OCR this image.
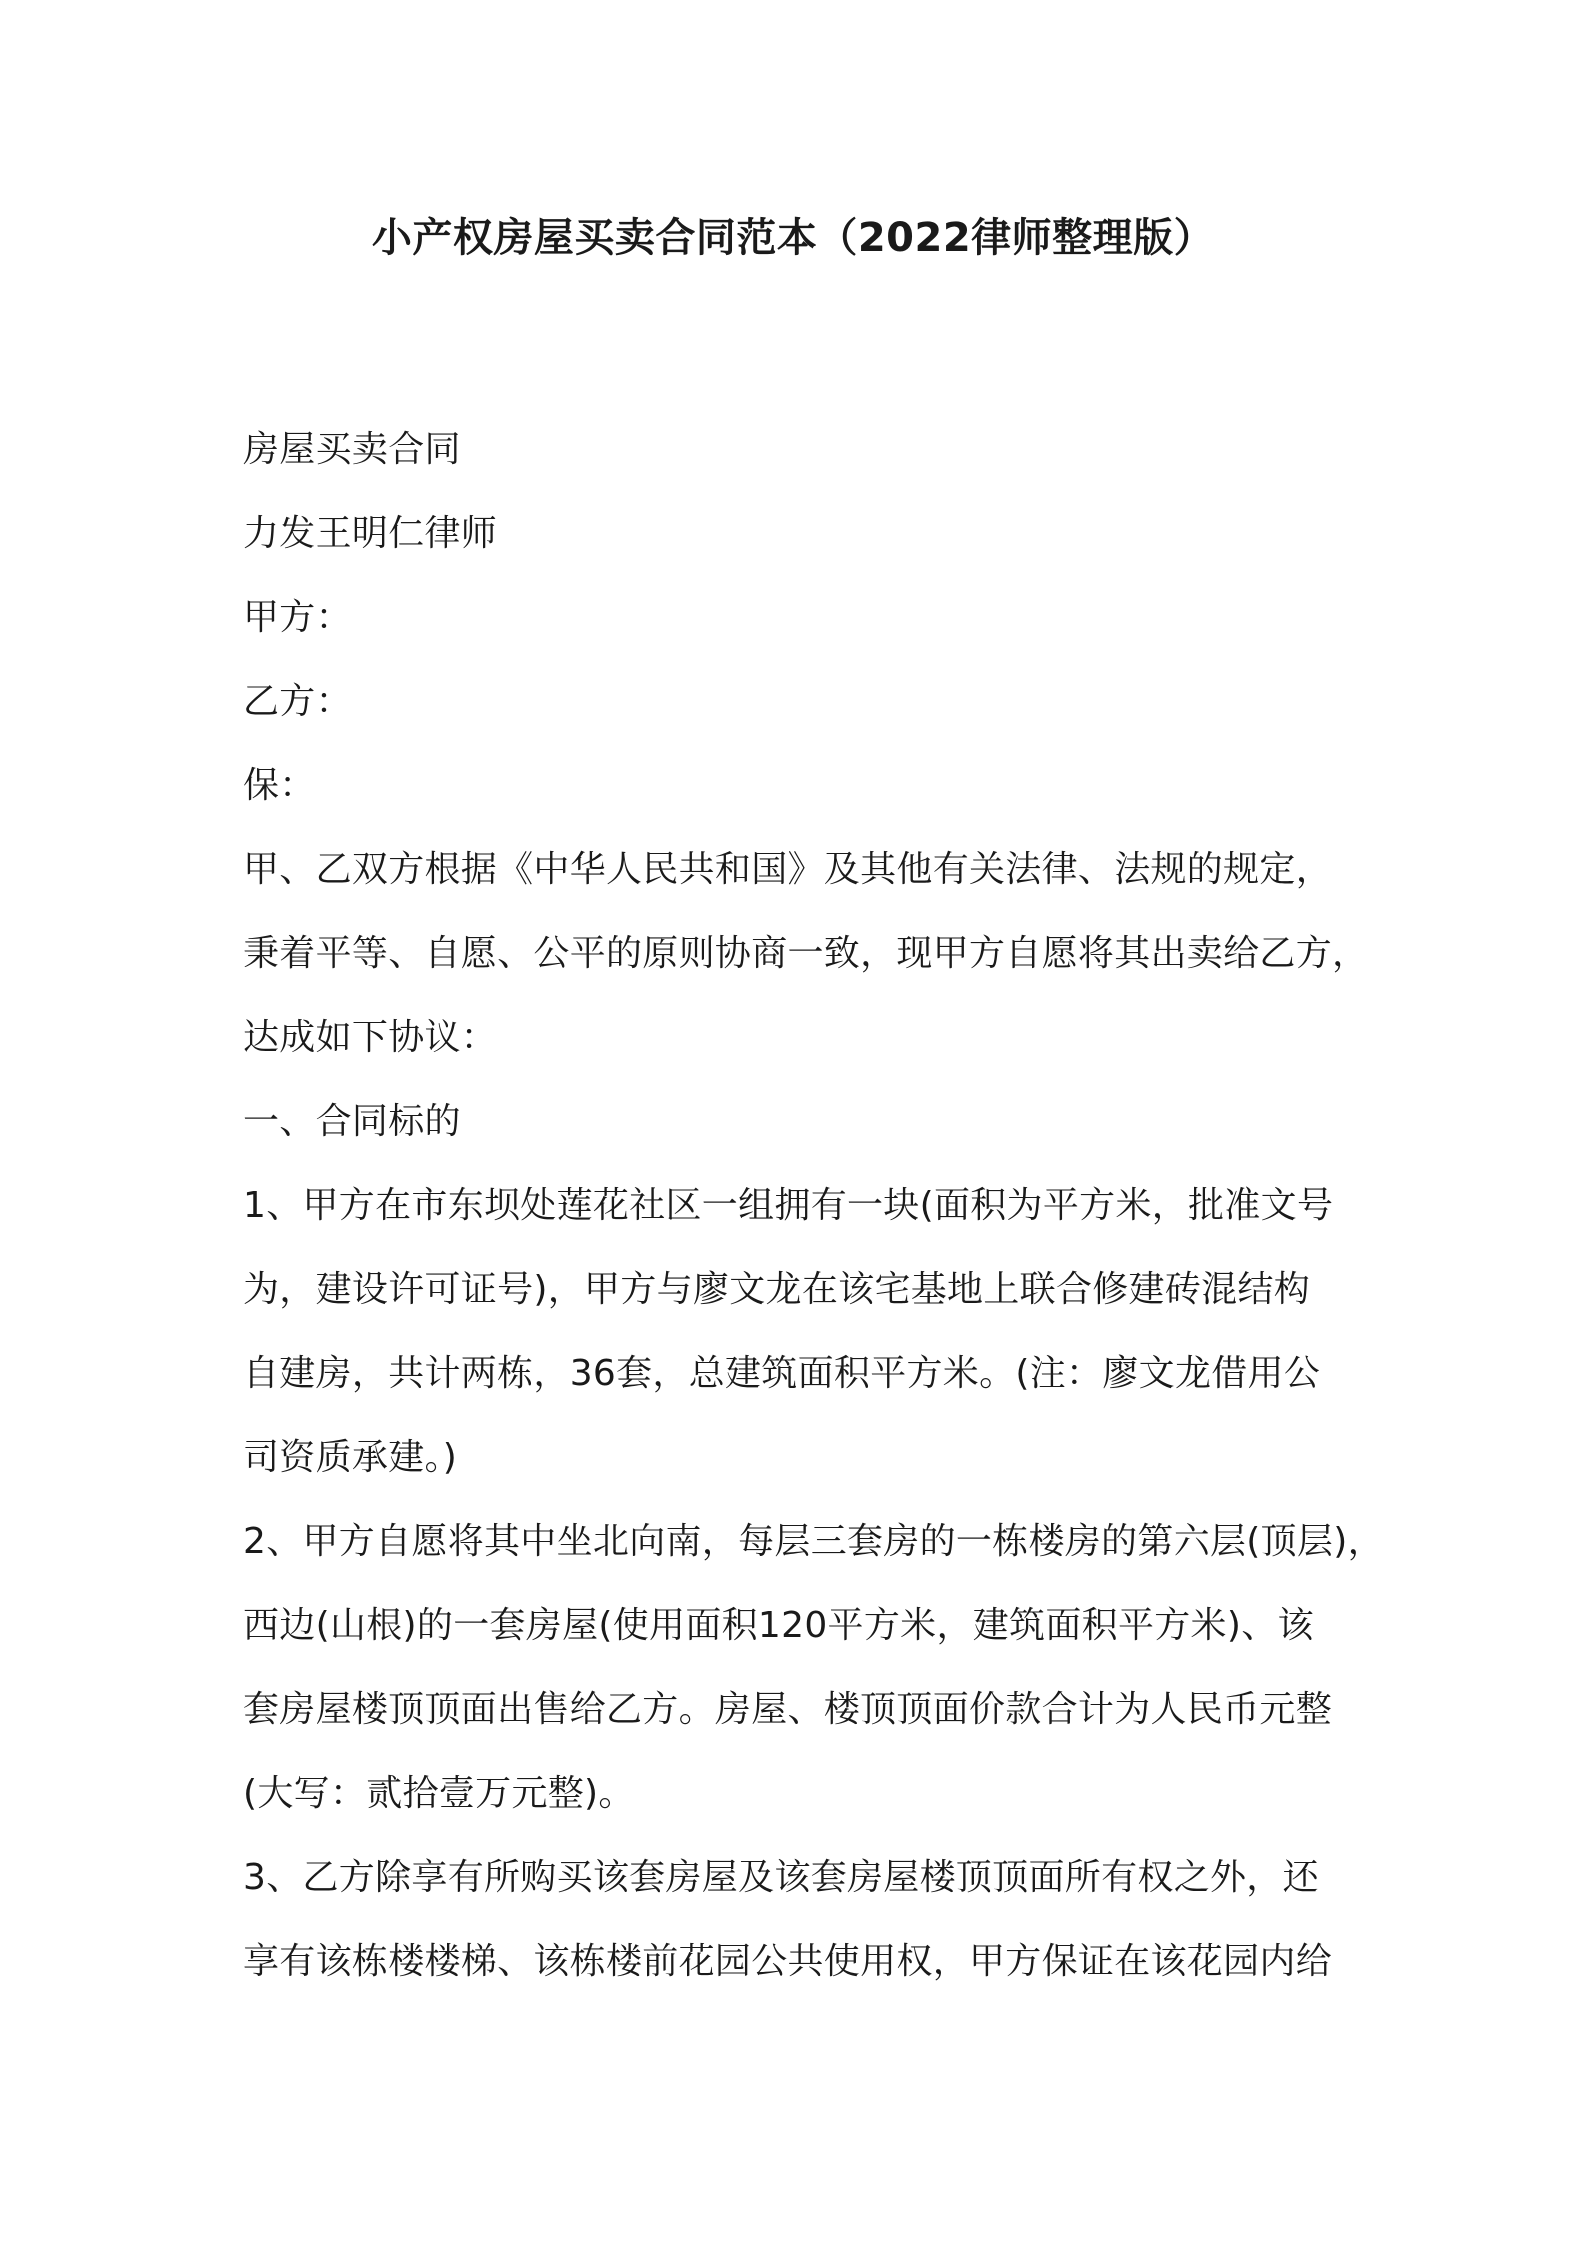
小产权房屋买卖合同范本（2022律师整理版）
房屋买卖合同
力发王明仁律师
甲方：
乙方：
保：
甲、乙双方根据《中华人民共和国》及其他有关法律、法规的规定，
秉着平等、自愿、公平的原则协商一致，现甲方自愿将其出卖给乙方，
达成如下协议：
一、合同标的
1、甲方在市东坝处莲花社区一组拥有一块(面积为平方米，批准文号
为，建设许可证号)，甲方与廖文龙在该宅基地上联合修建砖混结构
自建房，共计两栋，36套，总建筑面积平方米。(注：廖文龙借用公
司资质承建。)
2、甲方自愿将其中坐北向南，每层三套房的一栋楼房的第六层(顶层)，
西边(山根)的一套房屋(使用面积120平方米，建筑面积平方米)、该
套房屋楼顶顶面出售给乙方。房屋、楼顶顶面价款合计为人民币元整
(大写：贰拾壹万元整)。
3、乙方除享有所购买该套房屋及该套房屋楼顶顶面所有权之外，还
享有该栋楼楼梯、该栋楼前花园公共使用权，甲方保证在该花园内给
